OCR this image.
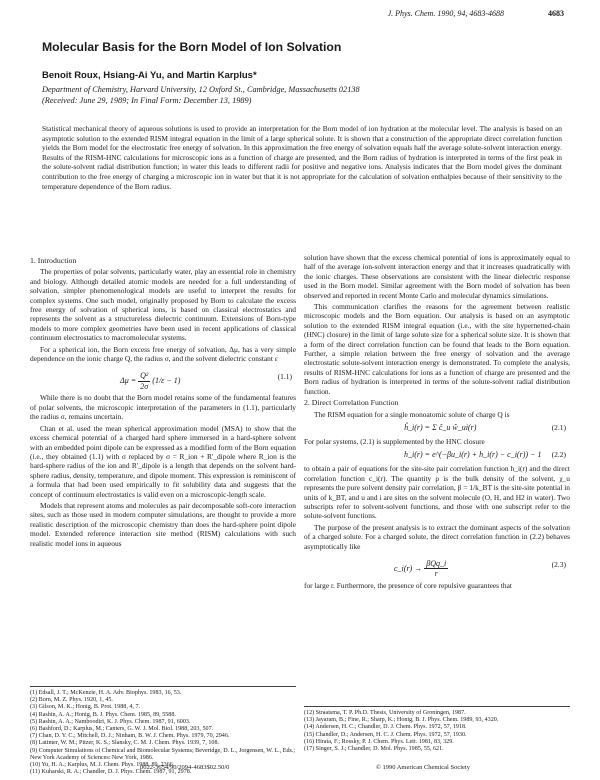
J. Phys. Chem. 1990, 94, 4683-4688	4683
Molecular Basis for the Born Model of Ion Solvation
Benoit Roux, Hsiang-Ai Yu, and Martin Karplus*
Department of Chemistry, Harvard University, 12 Oxford St., Cambridge, Massachusetts 02138
(Received: June 29, 1989; In Final Form: December 13, 1989)
Statistical mechanical theory of aqueous solutions is used to provide an interpretation for the Born model of ion hydration at the molecular level. The analysis is based on an asymptotic solution to the extended RISM integral equation in the limit of a large spherical solute. It is shown that a construction of the appropriate direct correlation function yields the Born model for the electrostatic free energy of solvation. In this approximation the free energy of solvation equals half the average solute-solvent interaction energy. Results of the RISM-HNC calculations for microscopic ions as a function of charge are presented, and the Born radius of hydration is interpreted in terms of the first peak in the solute-solvent radial distribution function; in water this leads to different radii for positive and negative ions. Analysis indicates that the Born model gives the dominant contribution to the free energy of charging a microscopic ion in water but that it is not appropriate for the calculation of solvation enthalpies because of their sensitivity to the temperature dependence of the Born radius.
1. Introduction

The properties of polar solvents, particularly water, play an essential role in chemistry and biology. Although detailed atomic models are needed for a full understanding of solvation, simpler phenomenological models are useful to interpret the results for complex systems. One such model, originally proposed by Born to calculate the excess free energy of solvation of spherical ions, is based on classical electrostatics and represents the solvent as a structureless dielectric continuum. Extensions of Born-type models to more complex geometries have been used in recent applications of classical continuum electrostatics to macromolecular systems.

For a spherical ion, the Born excess free energy of solvation, Δμ, has a very simple dependence on the ionic charge Q, the radius σ, and the solvent dielectric constant ε

$\Delta\mu = \frac{\text{Q²}}{2\sigma} (1/\varepsilon - 1)$	(1.1)

While there is no doubt that the Born model retains some of the fundamental features of polar solvents, the microscopic interpretation of the parameters in (1.1), particularly the radius σ, remains uncertain.

Chan et al. used the mean spherical approximation model (MSA) to show that the excess chemical potential of a charged hard sphere immersed in a hard-sphere solvent with an embedded point dipole can be expressed as a modified form of the Born equation (i.e., they obtained (1.1) with σ replaced by σ = R_ion + R'_dipole where R_ion is the hard-sphere radius of the ion and R'_dipole is a length that depends on the solvent hard-sphere radius, density, temperature, and dipole moment. This expression is reminiscent of a formula that had been used empirically to fit solubility data and suggests that the concept of continuum electrostatics is valid even on a microscopic-length scale.

Models that represent atoms and molecules as pair decomposable soft-core interaction sites, such as those used in modern computer simulations, are thought to provide a more realistic description of the microscopic chemistry than does the hard-sphere point dipole model. Extended reference interaction site method (RISM) calculations with such realistic model ions in aqueous

(1) Edsall, J. T.; McKenzie, H. A. Adv. Biophys. 1983, 16, 53.
(2) Born, M. Z. Phys. 1920, 1, 45.
(3) Gilson, M. K.; Honig, B. Prot. 1988, 4, 7.
(4) Rashin, A. A.; Honig, B. J. Phys. Chem. 1985, 89, 5588.
(5) Rashin, A. A.; Namboodiri, K. J. Phys. Chem. 1987, 91, 6003.
(6) Bashford, D.; Karplus, M.; Canters, G. W. J. Mol. Biol. 1988, 203, 507.
(7) Chan, D. Y. C.; Mitchell, D. J.; Ninham, B. W. J. Chem. Phys. 1979, 70, 2946.
(8) Latimer, W. M.; Pitzer, K. S.; Slansky, C. M. J. Chem. Phys. 1939, 7, 108.
(9) Computer Simulations of Chemical and Biomolecular Systems; Beveridge, D. L., Jorgensen, W. L., Eds.; New York Academy of Sciences: New York, 1986.
(10) Yu, H. A.; Karplus, M. J. Chem. Phys. 1988, 89, 2366.
(11) Kuharski, R. A.; Chandler, D. J. Phys. Chem. 1987, 91, 2978.

solution have shown that the excess chemical potential of ions is approximately equal to half of the average ion-solvent interaction energy and that it increases quadratically with the ionic charges. These observations are consistent with the linear dielectric response used in the Born model. Similar agreement with the Born model of solvation has been observed and reported in recent Monte Carlo and molecular dynamics simulations.

This communication clarifies the reasons for the agreement between realistic microscopic models and the Born equation. Our analysis is based on an asymptotic solution to the extended RISM integral equation (i.e., with the site hypernetted-chain (HNC) closure) in the limit of large solute size for a spherical solute size. It is shown that a form of the direct correlation function can be found that leads to the Born equation. Further, a simple relation between the free energy of solvation and the average electrostatic solute-solvent interaction energy is demonstrated. To complete the analysis, results of RISM-HNC calculations for ions as a function of charge are presented and the Born radius of hydration is interpreted in terms of the solute-solvent radial distribution function.

2. Direct Correlation Function

The RISM equation for a single monoatomic solute of charge Q is

ĥ_i(r) = Σ ĉ_u ŵ_ui(r)	(2.1)

For polar systems, (2.1) is supplemented by the HNC closure

h_i(r) = e^(−βu_i(r) + h_i(r) − c_i(r)) − 1 (2.2)

to obtain a pair of equations for the site-site pair correlation function h_i(r) and the direct correlation function c_i(r). The quantity ρ is the bulk density of the solvent, χ_u represents the pure solvent density pair correlation, β = 1/k_BT is the site-site potential in units of k_BT, and u and i are sites on the solvent molecule (O, H, and H2 in water). Two subscripts refer to solvent-solvent functions, and those with one subscript refer to the solute-solvent functions.

The purpose of the present analysis is to extract the dominant aspects of the solvation of a charged solute. For a charged solute, the direct correlation function in (2.2) behaves asymptotically like

c_i(r) → $\frac{\text{βQq\_i}}{r}$	(2.3)

for large r. Furthermore, the presence of core repulsive guarantees that

(12) Straatsma, T. P. Ph.D. Thesis, University of Groningen, 1987.
(13) Jayaram, B.; Fine, R.; Sharp, K.; Honig, B. J. Phys. Chem. 1989, 93, 4320.
(14) Andersen, H. C.; Chandler, D. J. Chem. Phys. 1972, 57, 1918.
(15) Chandler, D.; Andersen, H. C. J. Chem. Phys. 1972, 57, 1930.
(16) Hirata, F.; Rossky, P. J. Chem. Phys. Lett. 1981, 83, 329.
(17) Singer, S. J.; Chandler, D. Mol. Phys. 1985, 55, 621.
0022-3654/90/2094-4683$02.50/0	© 1990 American Chemical Society
